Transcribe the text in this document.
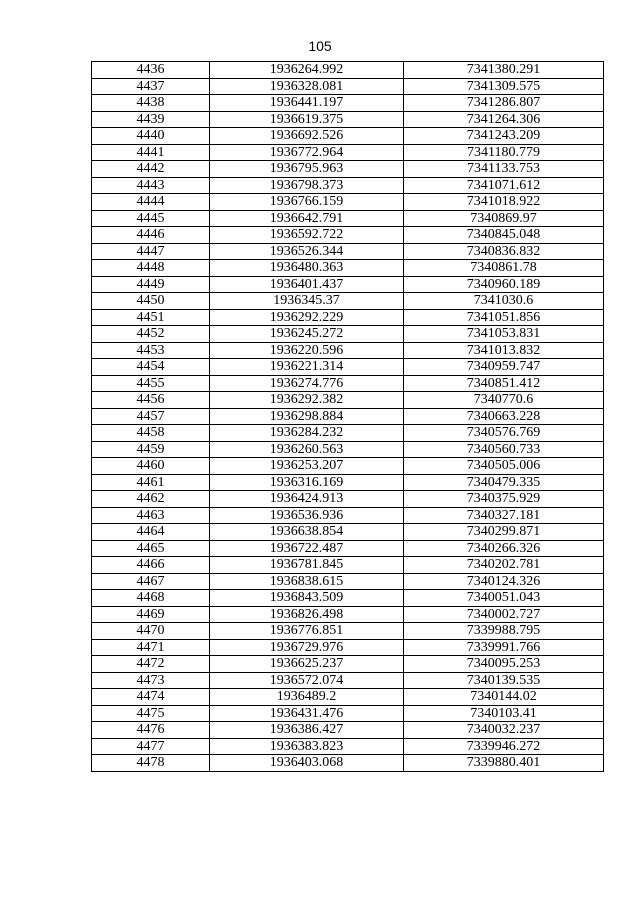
105
4436	1936264.992	7341380.291
4437	1936328.081	7341309.575
4438	1936441.197	7341286.807
4439	1936619.375	7341264.306
4440	1936692.526	7341243.209
4441	1936772.964	7341180.779
4442	1936795.963	7341133.753
4443	1936798.373	7341071.612
4444	1936766.159	7341018.922
4445	1936642.791	7340869.97
4446	1936592.722	7340845.048
4447	1936526.344	7340836.832
4448	1936480.363	7340861.78
4449	1936401.437	7340960.189
4450	1936345.37	7341030.6
4451	1936292.229	7341051.856
4452	1936245.272	7341053.831
4453	1936220.596	7341013.832
4454	1936221.314	7340959.747
4455	1936274.776	7340851.412
4456	1936292.382	7340770.6
4457	1936298.884	7340663.228
4458	1936284.232	7340576.769
4459	1936260.563	7340560.733
4460	1936253.207	7340505.006
4461	1936316.169	7340479.335
4462	1936424.913	7340375.929
4463	1936536.936	7340327.181
4464	1936638.854	7340299.871
4465	1936722.487	7340266.326
4466	1936781.845	7340202.781
4467	1936838.615	7340124.326
4468	1936843.509	7340051.043
4469	1936826.498	7340002.727
4470	1936776.851	7339988.795
4471	1936729.976	7339991.766
4472	1936625.237	7340095.253
4473	1936572.074	7340139.535
4474	1936489.2	7340144.02
4475	1936431.476	7340103.41
4476	1936386.427	7340032.237
4477	1936383.823	7339946.272
4478	1936403.068	7339880.401
